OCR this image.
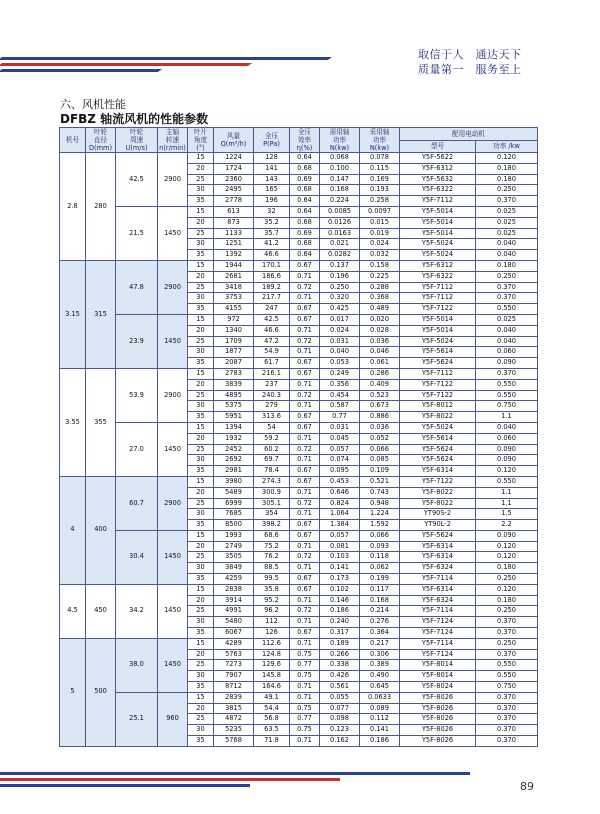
取信于人　通达天下
质量第一　服务至上
六、风机性能
DFBZ 轴流风机的性能参数
机号	叶轮
直径
D(mm)	叶轮
周速
U(m/s)	主轴
转速
n(r/min)	叶片
角度
(°)	风量
Q(m³/h)	全压
P(Pa)	全压
效率
η(%)	需用轴
功率
N(kw)	采用轴
功率
N(kw)	配用电动机	
										型号	功率 /kw
2.8	280	42.5	2900	15	1224	128	0.64	0.068	0.078	Y5F-5622	0.120
				20	1724	141	0.68	0.100	0.115	Y5F-6312	0.180
				25	2360	143	0.69	0.147	0.169	Y5F-5632	0.180
				30	2495	165	0.68	0.168	0.193	Y5F-6322	0.250
				35	2778	196	0.64	0.224	0.258	Y5F-7112	0.370
		21.5	1450	15	613	32	0.64	0.0085	0.0097	Y5F-5014	0.025
				20	873	35.2	0.68	0.0126	0.015	Y5F-5014	0.025
				25	1133	35.7	0.69	0.0163	0.019	Y5F-5014	0.025
				30	1251	41.2	0.68	0.021	0.024	Y5F-5024	0.040
				35	1392	46.6	0.64	0.0282	0.032	Y5F-5024	0.040
3.15	315	47.8	2900	15	1944	170.1	0.67	0.137	0.158	Y5F-6312	0.180
				20	2681	186.6	0.71	0.196	0.225	Y5F-6322	0.250
				25	3418	189.2	0.72	0.250	0.288	Y5F-7112	0.370
				30	3753	217.7	0.71	0.320	0.368	Y5F-7112	0.370
				35	4155	247	0.67	0.425	0.489	Y5F-7122	0.550
		23.9	1450	15	972	42.5	0.67	0.017	0.020	Y5F-5014	0.025
				20	1340	46.6	0.71	0.024	0.028	Y5F-5014	0.040
				25	1709	47.2	0.72	0.031	0.036	Y5F-5024	0.040
				30	1877	54.9	0.71	0.040	0.046	Y5F-5614	0.060
				35	2087	61.7	0.67	0.053	0.061	Y5F-5624	0.090
3.55	355	53.9	2900	15	2783	216.1	0.67	0.249	0.286	Y5F-7112	0.370
				20	3839	237	0.71	0.356	0.409	Y5F-7122	0.550
				25	4895	240.3	0.72	0.454	0.523	Y5F-7122	0.550
				30	5375	279	0.71	0.587	0.673	Y5F-8012	0.750
				35	5951	313.6	0.67	0.77	0.886	Y5F-8022	1.1
		27.0	1450	15	1394	54	0.67	0.031	0.036	Y5F-5024	0.040
				20	1932	59.2	0.71	0.045	0.052	Y5F-5614	0.060
				25	2452	60.2	0.72	0.057	0.066	Y5F-5624	0.090
				30	2692	69.7	0.71	0.074	0.085	Y5F-5624	0.090
				35	2981	78.4	0.67	0.095	0.109	Y5F-6314	0.120
4	400	60.7	2900	15	3980	274.3	0.67	0.453	0.521	Y5F-7122	0.550
				20	5489	300.9	0.71	0.646	0.743	Y5F-8022	1.1
				25	6999	305.1	0.72	0.824	0.948	Y5F-8022	1.1
				30	7685	354	0.71	1.064	1.224	YT90S-2	1.5
				35	8500	398.2	0.67	1.384	1.592	YT90L-2	2.2
		30.4	1450	15	1993	68.6	0.67	0.057	0.066	Y5F-5624	0.090
				20	2749	75.2	0.71	0.081	0.093	Y5F-6314	0.120
				25	3505	76.2	0.72	0.103	0.118	Y5F-6314	0.120
				30	3849	88.5	0.71	0.141	0.062	Y5F-6324	0.180
				35	4259	99.5	0.67	0.173	0.199	Y5F-7114	0.250
4.5	450	34.2	1450	15	2838	35.8	0.67	0.102	0.117	Y5F-6314	0.120
				20	3914	95.2	0.71	0.146	0.168	Y5F-6324	0.180
				25	4991	96.2	0.72	0.186	0.214	Y5F-7114	0.250
				30	5480	112	0.71	0.240	0.276	Y5F-7124	0.370
				35	6067	126	0.67	0.317	0.364	Y5F-7124	0.370
5	500	38.0	1450	15	4289	112.6	0.71	0.189	0.217	Y5F-7114	0.250
				20	5763	124.8	0.75	0.266	0.306	Y5F-7124	0.370
				25	7273	129.6	0.77	0.338	0.389	Y5F-8014	0.550
				30	7907	145.8	0.75	0.426	0.490	Y5F-8014	0.550
				35	8712	164.6	0.71	0.561	0.645	Y5F-8024	0.750
		25.1	960	15	2839	49.1	0.71	0.055	0.0633	Y5F-8026	0.370
				20	3815	54.4	0.75	0.077	0.089	Y5F-8026	0.370
				25	4872	56.8	0.77	0.098	0.112	Y5F-8026	0.370
				30	5235	63.5	0.75	0.123	0.141	Y5F-8026	0.370
				35	5768	71.8	0.71	0.162	0.186	Y5F-8026	0.370
89
